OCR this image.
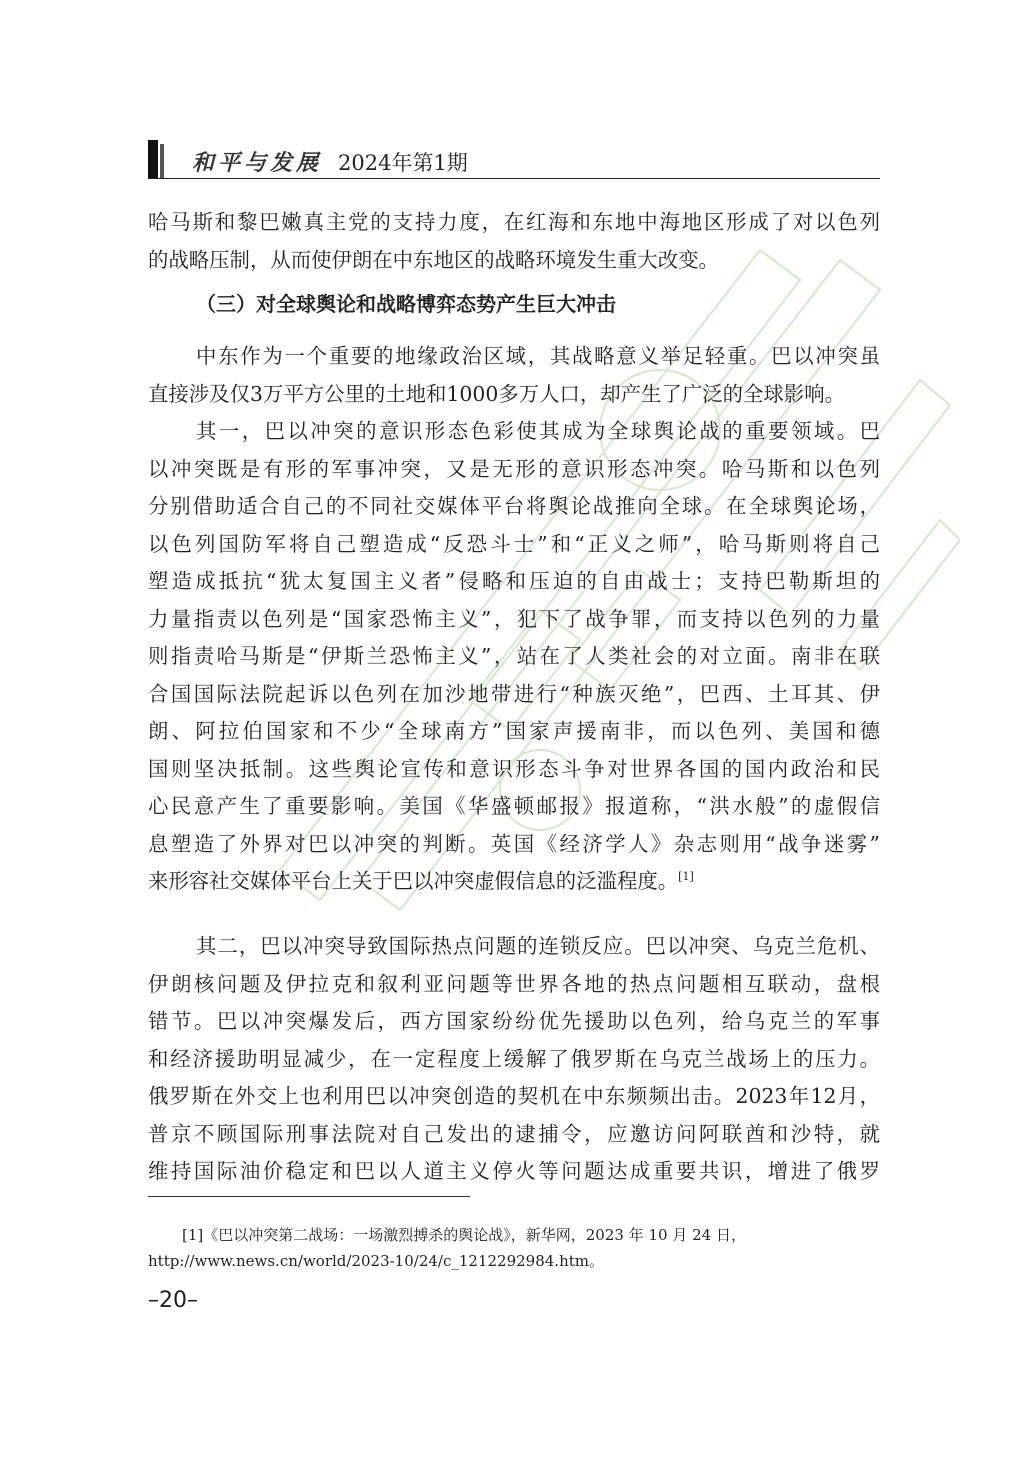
和平与发展 2024年第1期
哈马斯和黎巴嫩真主党的支持力度，在红海和东地中海地区形成了对以色列
的战略压制，从而使伊朗在中东地区的战略环境发生重大改变。
（三）对全球舆论和战略博弈态势产生巨大冲击
中东作为一个重要的地缘政治区域，其战略意义举足轻重。巴以冲突虽
直接涉及仅3万平方公里的土地和1000多万人口，却产生了广泛的全球影响。
其一，巴以冲突的意识形态色彩使其成为全球舆论战的重要领域。巴
以冲突既是有形的军事冲突，又是无形的意识形态冲突。哈马斯和以色列
分别借助适合自己的不同社交媒体平台将舆论战推向全球。在全球舆论场，
以色列国防军将自己塑造成“反恐斗士”和“正义之师”，哈马斯则将自己
塑造成抵抗“犹太复国主义者”侵略和压迫的自由战士；支持巴勒斯坦的
力量指责以色列是“国家恐怖主义”，犯下了战争罪，而支持以色列的力量
则指责哈马斯是“伊斯兰恐怖主义”，站在了人类社会的对立面。南非在联
合国国际法院起诉以色列在加沙地带进行“种族灭绝”，巴西、土耳其、伊
朗、阿拉伯国家和不少“全球南方”国家声援南非，而以色列、美国和德
国则坚决抵制。这些舆论宣传和意识形态斗争对世界各国的国内政治和民
心民意产生了重要影响。美国《华盛顿邮报》报道称，“洪水般”的虚假信
息塑造了外界对巴以冲突的判断。英国《经济学人》杂志则用“战争迷雾”
来形容社交媒体平台上关于巴以冲突虚假信息的泛滥程度。[1]
其二，巴以冲突导致国际热点问题的连锁反应。巴以冲突、乌克兰危机、
伊朗核问题及伊拉克和叙利亚问题等世界各地的热点问题相互联动，盘根
错节。巴以冲突爆发后，西方国家纷纷优先援助以色列，给乌克兰的军事
和经济援助明显减少，在一定程度上缓解了俄罗斯在乌克兰战场上的压力。
俄罗斯在外交上也利用巴以冲突创造的契机在中东频频出击。2023年12月，
普京不顾国际刑事法院对自己发出的逮捕令，应邀访问阿联酋和沙特，就
维持国际油价稳定和巴以人道主义停火等问题达成重要共识，增进了俄罗
[1]《巴以冲突第二战场：一场激烈搏杀的舆论战》，新华网，2023 年 10 月 24 日，
http://www.news.cn/world/2023-10/24/c_1212292984.htm。
–20–
